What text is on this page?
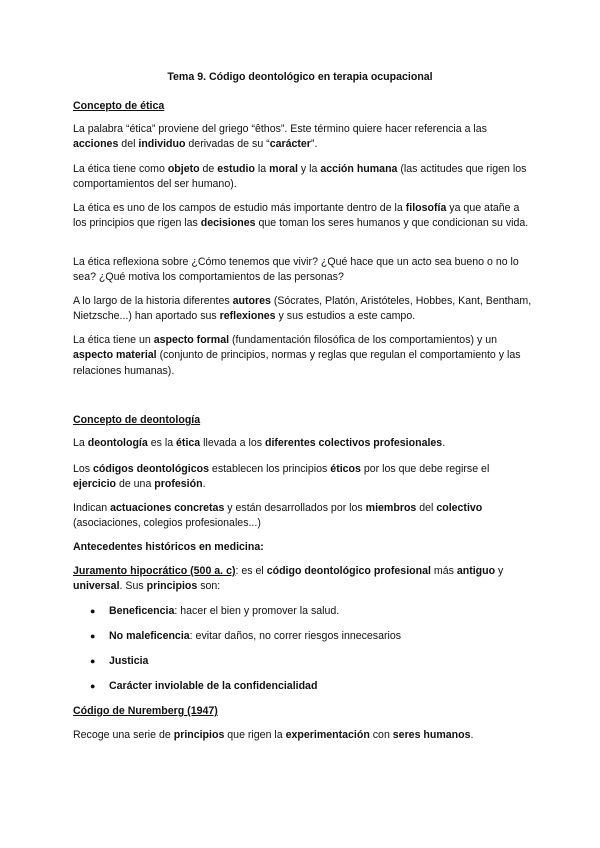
Tema 9. Código deontológico en terapia ocupacional
Concepto de ética

La palabra “ética” proviene del griego “êthos”. Este término quiere hacer referencia a las acciones del individuo derivadas de su “carácter”.

La ética tiene como objeto de estudio la moral y la acción humana (las actitudes que rigen los comportamientos del ser humano).

La ética es uno de los campos de estudio más importante dentro de la filosofía ya que atañe a los principios que rigen las decisiones que toman los seres humanos y que condicionan su vida.

La ética reflexiona sobre ¿Cómo tenemos que vivir? ¿Qué hace que un acto sea bueno o no lo sea? ¿Qué motiva los comportamientos de las personas?

A lo largo de la historia diferentes autores (Sócrates, Platón, Aristóteles, Hobbes, Kant, Bentham, Nietzsche...) han aportado sus reflexiones y sus estudios a este campo.

La ética tiene un aspecto formal (fundamentación filosófica de los comportamientos) y un aspecto material (conjunto de principios, normas y reglas que regulan el comportamiento y las relaciones humanas).

Concepto de deontología

La deontología es la ética llevada a los diferentes colectivos profesionales.

Los códigos deontológicos establecen los principios éticos por los que debe regirse el ejercicio de una profesión.

Indican actuaciones concretas y están desarrollados por los miembros del colectivo (asociaciones, colegios profesionales...)

Antecedentes históricos en medicina:

Juramento hipocrático (500 a. c): es el código deontológico profesional más antiguo y universal. Sus principios son:

● Beneficencia: hacer el bien y promover la salud.
● No maleficencia: evitar daños, no correr riesgos innecesarios
● Justicia
● Carácter inviolable de la confidencialidad
Código de Nuremberg (1947)

Recoge una serie de principios que rigen la experimentación con seres humanos.
